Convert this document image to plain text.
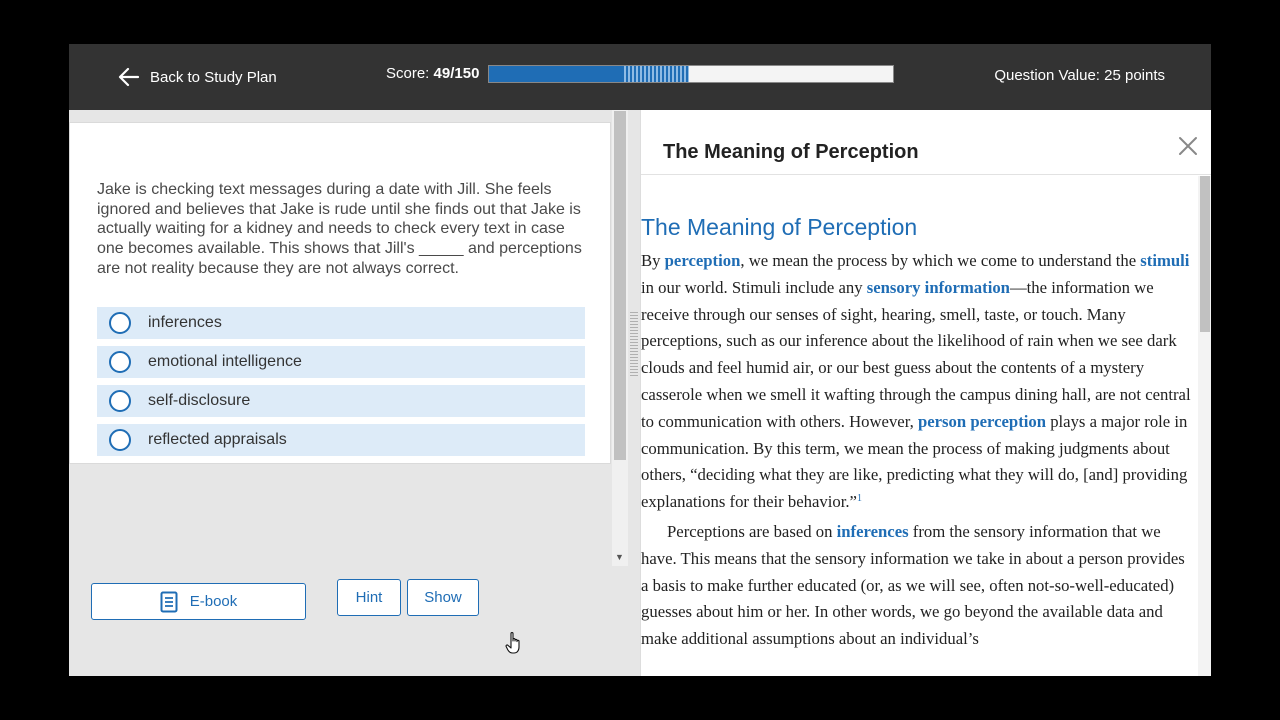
Back to Study Plan	Score: 49/150	Question Value: 25 points
Jake is checking text messages during a date with Jill. She feels ignored and believes that Jake is rude until she finds out that Jake is actually waiting for a kidney and needs to check every text in case one becomes available. This shows that Jill's _____ and perceptions are not reality because they are not always correct.
inferences
emotional intelligence
self-disclosure
reflected appraisals
▼
E-book	Hint	Show
The Meaning of Perception
The Meaning of Perception

By perception, we mean the process by which we come to understand the stimuli in our world. Stimuli include any sensory information—the information we receive through our senses of sight, hearing, smell, taste, or touch. Many perceptions, such as our inference about the likelihood of rain when we see dark clouds and feel humid air, or our best guess about the contents of a mystery casserole when we smell it wafting through the campus dining hall, are not central to communication with others. However, person perception plays a major role in communication. By this term, we mean the process of making judgments about others, “deciding what they are like, predicting what they will do, [and] providing explanations for their behavior.”$^1$

Perceptions are based on inferences from the sensory information that we have. This means that the sensory information we take in about a person provides a basis to make further educated (or, as we will see, often not-so-well-educated) guesses about him or her. In other words, we go beyond the available data and make additional assumptions about an individual’s
